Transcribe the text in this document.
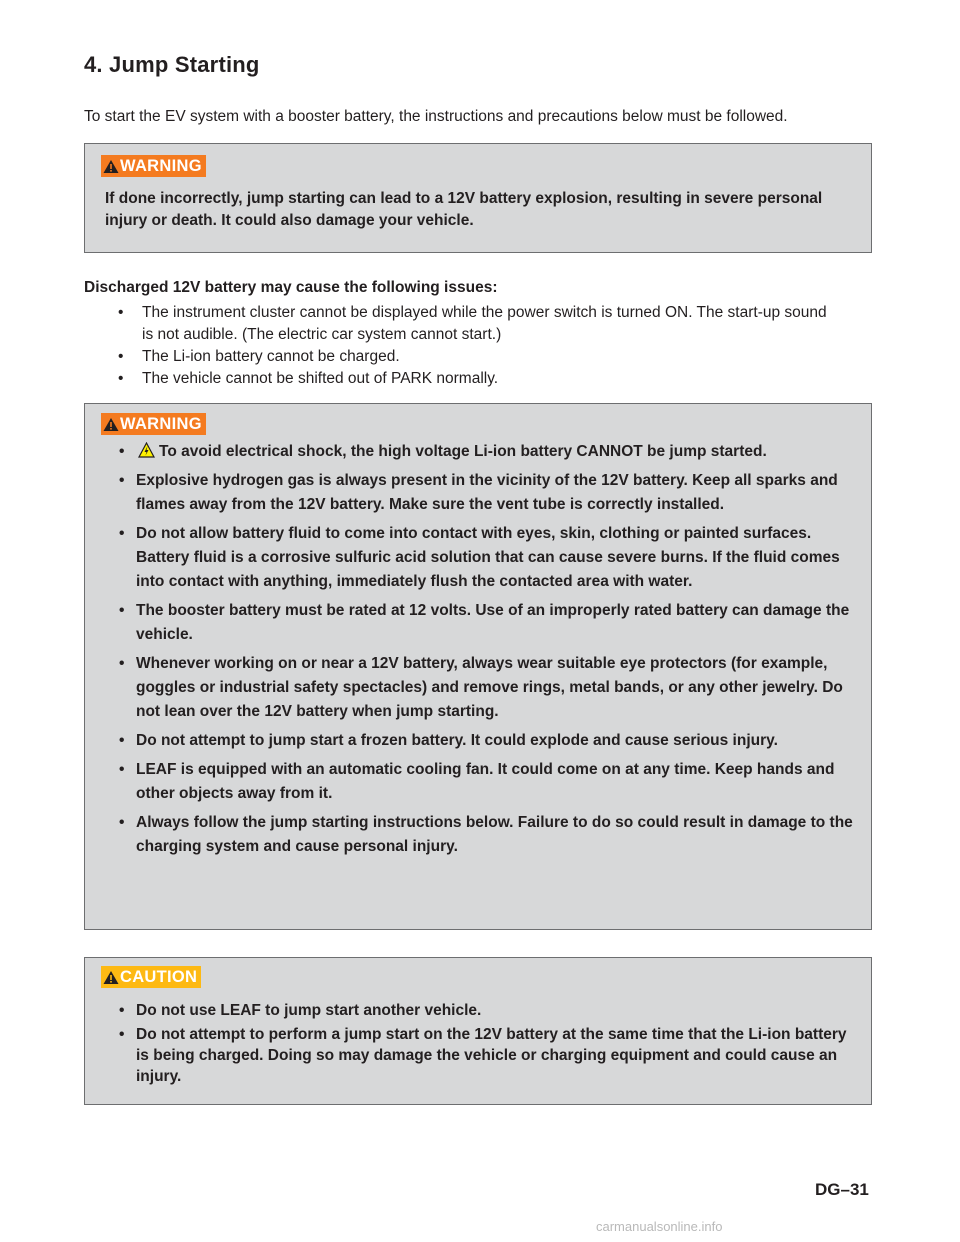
4. Jump Starting

To start the EV system with a booster battery, the instructions and precautions below must be followed.

WARNING

If done incorrectly, jump starting can lead to a 12V battery explosion, resulting in severe personal injury or death. It could also damage your vehicle.

Discharged 12V battery may cause the following issues:

• The instrument cluster cannot be displayed while the power switch is turned ON. The start-up sound is not audible. (The electric car system cannot start.)
• The Li-ion battery cannot be charged.
• The vehicle cannot be shifted out of PARK normally.
WARNING
• To avoid electrical shock, the high voltage Li-ion battery CANNOT be jump started.
• Explosive hydrogen gas is always present in the vicinity of the 12V battery. Keep all sparks and flames away from the 12V battery. Make sure the vent tube is correctly installed.
• Do not allow battery fluid to come into contact with eyes, skin, clothing or painted surfaces. Battery fluid is a corrosive sulfuric acid solution that can cause severe burns. If the fluid comes into contact with anything, immediately flush the contacted area with water.
• The booster battery must be rated at 12 volts. Use of an improperly rated battery can damage the vehicle.
• Whenever working on or near a 12V battery, always wear suitable eye protectors (for example, goggles or industrial safety spectacles) and remove rings, metal bands, or any other jewelry. Do not lean over the 12V battery when jump starting.
• Do not attempt to jump start a frozen battery. It could explode and cause serious injury.
• LEAF is equipped with an automatic cooling fan. It could come on at any time. Keep hands and other objects away from it.
• Always follow the jump starting instructions below. Failure to do so could result in damage to the charging system and cause personal injury.
CAUTION
• Do not use LEAF to jump start another vehicle.
• Do not attempt to perform a jump start on the 12V battery at the same time that the Li-ion battery is being charged. Doing so may damage the vehicle or charging equipment and could cause an injury.

DG–31

carmanualsonline.info
